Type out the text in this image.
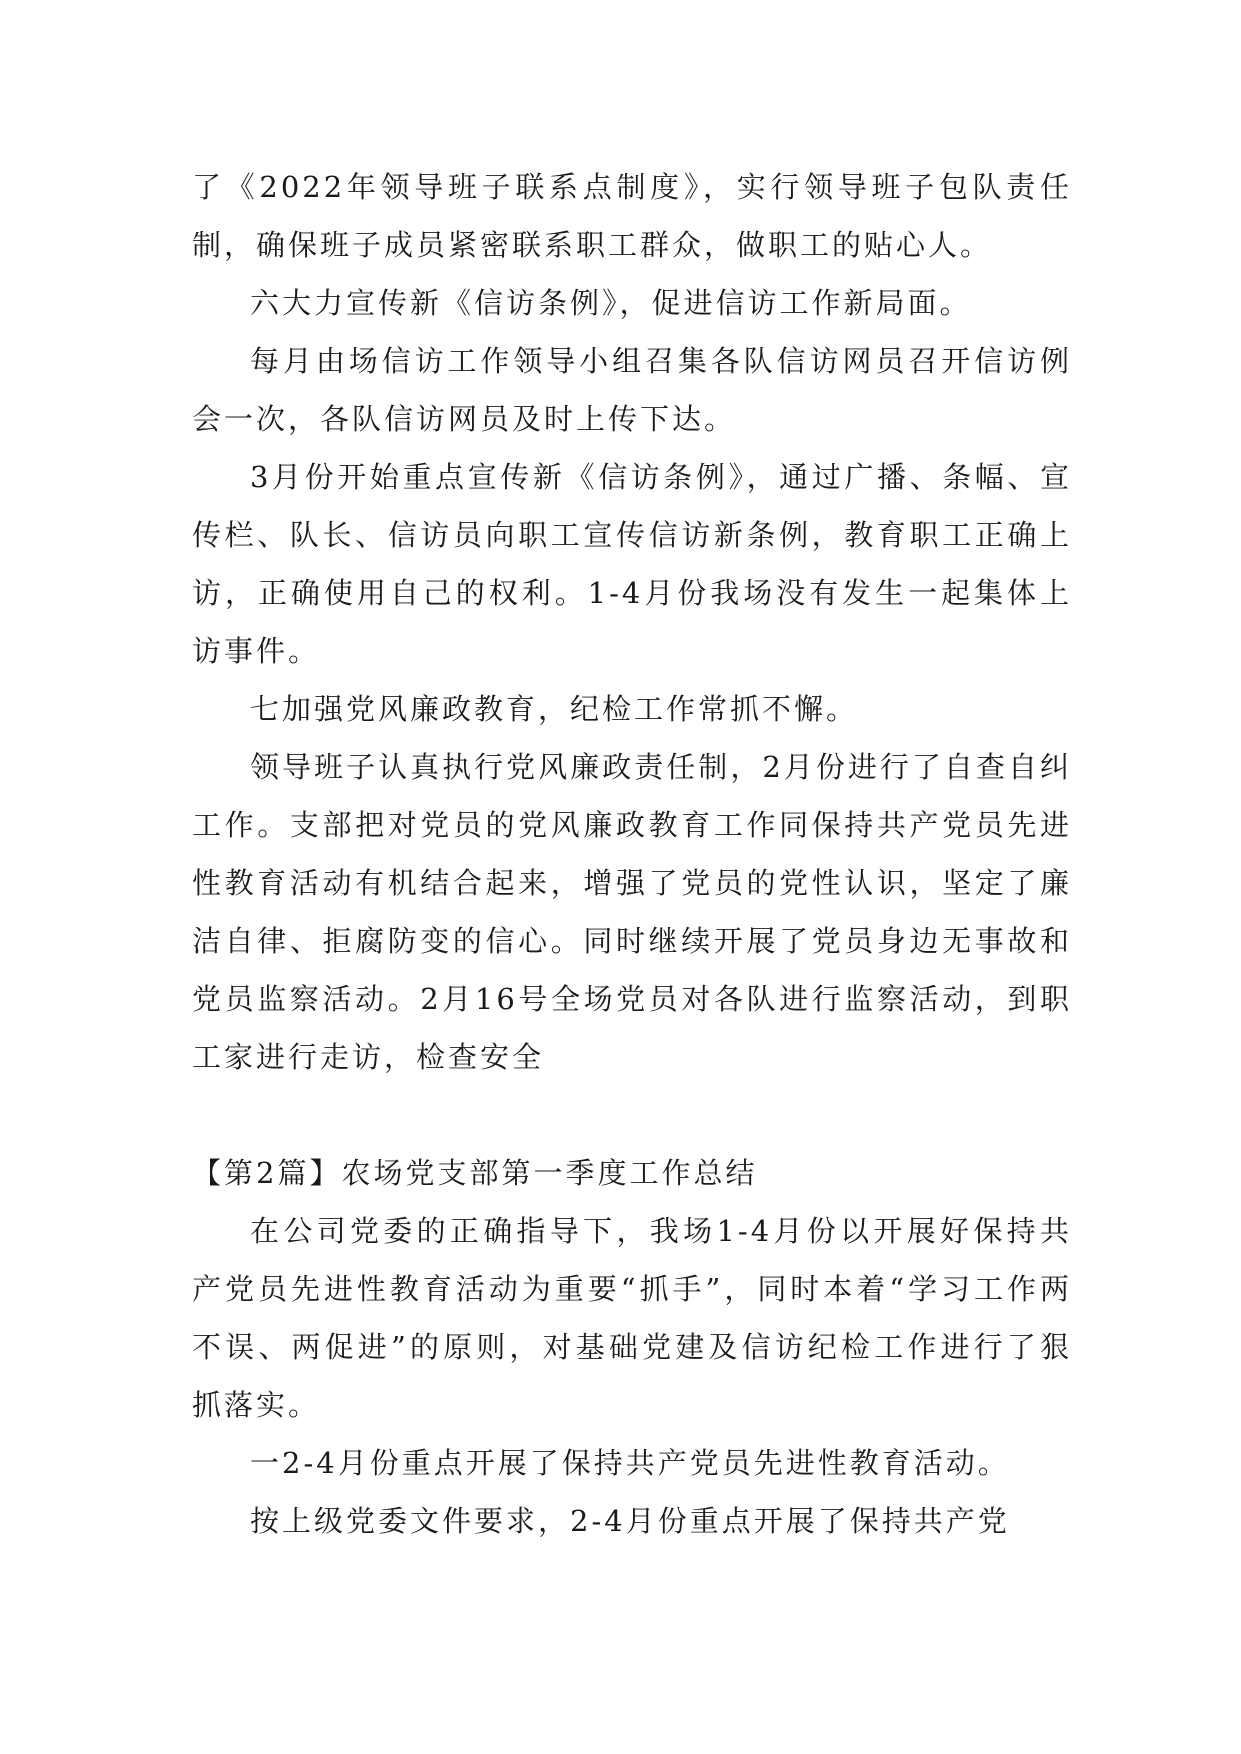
了《2022年领导班子联系点制度》，实行领导班子包队责任制，确保班子成员紧密联系职工群众，做职工的贴心人。

六大力宣传新《信访条例》，促进信访工作新局面。

每月由场信访工作领导小组召集各队信访网员召开信访例会一次，各队信访网员及时上传下达。

3月份开始重点宣传新《信访条例》，通过广播、条幅、宣传栏、队长、信访员向职工宣传信访新条例，教育职工正确上访，正确使用自己的权利。1-4月份我场没有发生一起集体上访事件。

七加强党风廉政教育，纪检工作常抓不懈。

领导班子认真执行党风廉政责任制，2月份进行了自查自纠工作。支部把对党员的党风廉政教育工作同保持共产党员先进性教育活动有机结合起来，增强了党员的党性认识，坚定了廉洁自律、拒腐防变的信心。同时继续开展了党员身边无事故和党员监察活动。2月16号全场党员对各队进行监察活动，到职工家进行走访，检查安全

【第2篇】农场党支部第一季度工作总结

在公司党委的正确指导下，我场1-4月份以开展好保持共产党员先进性教育活动为重要“抓手”，同时本着“学习工作两不误、两促进”的原则，对基础党建及信访纪检工作进行了狠抓落实。

一2-4月份重点开展了保持共产党员先进性教育活动。

按上级党委文件要求，2-4月份重点开展了保持共产党
